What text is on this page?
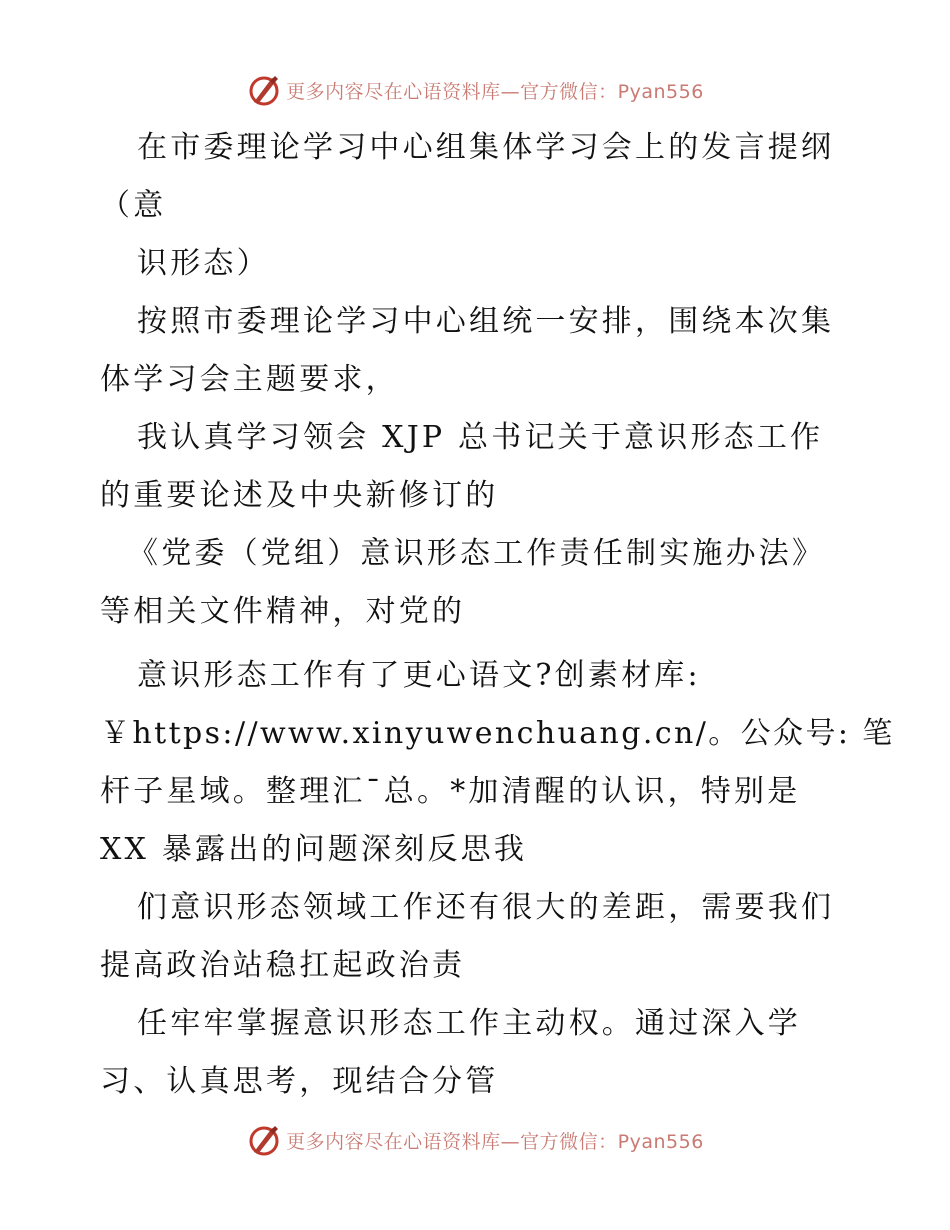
更多内容尽在心语资料库—官方微信：Pyan556
在市委理论学习中心组集体学习会上的发言提纲
（意
识形态）
按照市委理论学习中心组统一安排，围绕本次集
体学习会主题要求，
我认真学习领会 XJP 总书记关于意识形态工作
的重要论述及中央新修订的
《党委（党组）意识形态工作责任制实施办法》
等相关文件精神，对党的
意识形态工作有了更心语文?创素材库:
￥https://www.xinyuwenchuang.cn/。公众号: 笔
杆子星域。整理汇¯总。*加清醒的认识，特别是
XX 暴露出的问题深刻反思我
们意识形态领域工作还有很大的差距，需要我们
提高政治站稳扛起政治责
任牢牢掌握意识形态工作主动权。通过深入学
习、认真思考，现结合分管
更多内容尽在心语资料库—官方微信：Pyan556
